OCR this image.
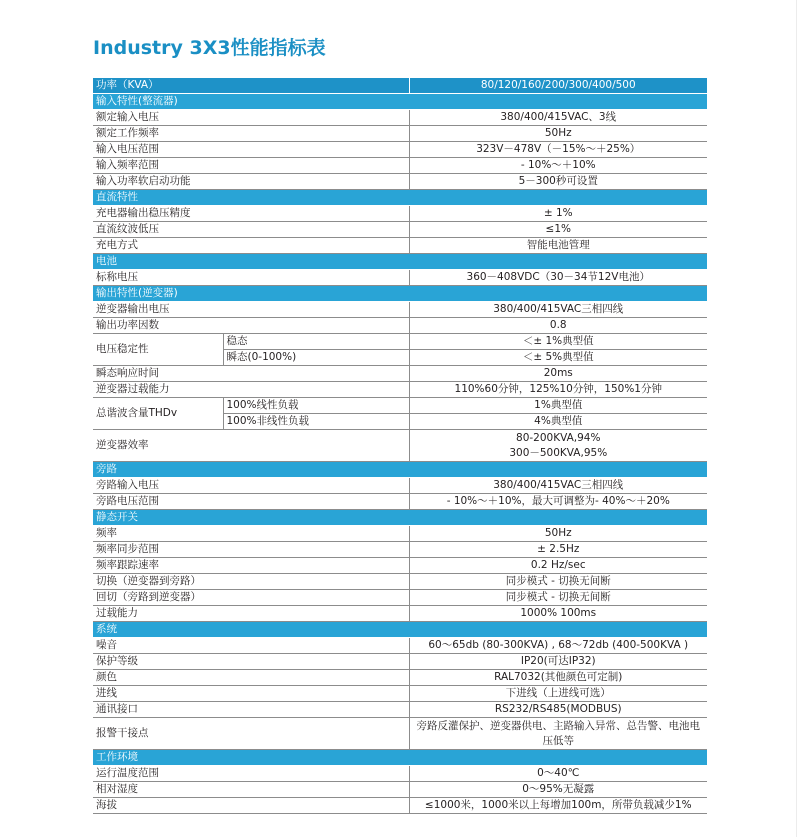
Industry 3X3性能指标表
功率（KVA）		80/120/160/200/300/400/500
输入特性(整流器)		
额定输入电压		380/400/415VAC、3线
额定工作频率		50Hz
输入电压范围		323V－478V（－15%～＋25%）
输入频率范围		- 10%～＋10%
输入功率软启动功能		5－300秒可设置
直流特性		
充电器输出稳压精度		± 1%
直流纹波低压		≤1%
充电方式		智能电池管理
电池		
标称电压		360－408VDC（30－34节12V电池）
输出特性(逆变器)		
逆变器输出电压		380/400/415VAC三相四线
输出功率因数		0.8
电压稳定性	稳态	＜± 1%典型值
	瞬态(0-100%)	＜± 5%典型值
瞬态响应时间		20ms
逆变器过载能力		110%60分钟，125%10分钟，150%1分钟
总谐波含量THDv	100%线性负载	1%典型值
	100%非线性负载	4%典型值
逆变器效率		80-200KVA,94%
300－500KVA,95%

旁路		
旁路输入电压		380/400/415VAC三相四线
旁路电压范围		- 10%～＋10%，最大可调整为- 40%～＋20%
静态开关		
频率		50Hz
频率同步范围		± 2.5Hz
频率跟踪速率		0.2 Hz/sec
切换（逆变器到旁路）		同步模式 - 切换无间断
回切（旁路到逆变器）		同步模式 - 切换无间断
过载能力		1000% 100ms
系统		
噪音		60～65db (80-300KVA) , 68～72db (400-500KVA )
保护等级		IP20(可达IP32)
颜色		RAL7032(其他颜色可定制)
进线		下进线（上进线可选）
通讯接口		RS232/RS485(MODBUS)
报警干接点		旁路反灌保护、逆变器供电、主路输入异常、总告警、电池电压低等
工作环境		
运行温度范围		0～40℃
相对湿度		0～95%无凝露
海拔		≤1000米，1000米以上每增加100m，所带负载减少1%
